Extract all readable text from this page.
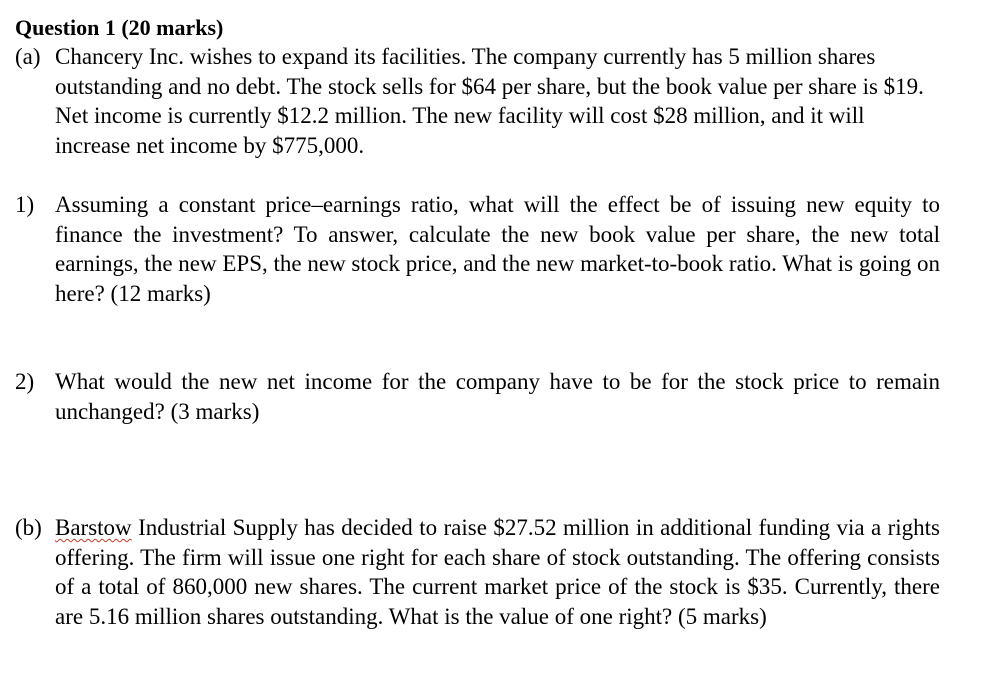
Question 1 (20 marks)
(a) Chancery Inc. wishes to expand its facilities. The company currently has 5 million shares outstanding and no debt. The stock sells for $64 per share, but the book value per share is $19. Net income is currently $12.2 million. The new facility will cost $28 million, and it will increase net income by $775,000.
1) Assuming a constant price–earnings ratio, what will the effect be of issuing new equity to finance the investment? To answer, calculate the new book value per share, the new total earnings, the new EPS, the new stock price, and the new market-to-book ratio. What is going on here? (12 marks)
2) What would the new net income for the company have to be for the stock price to remain unchanged? (3 marks)
(b) Barstow Industrial Supply has decided to raise $27.52 million in additional funding via a rights offering. The firm will issue one right for each share of stock outstanding. The offering consists of a total of 860,000 new shares. The current market price of the stock is $35. Currently, there are 5.16 million shares outstanding. What is the value of one right? (5 marks)
